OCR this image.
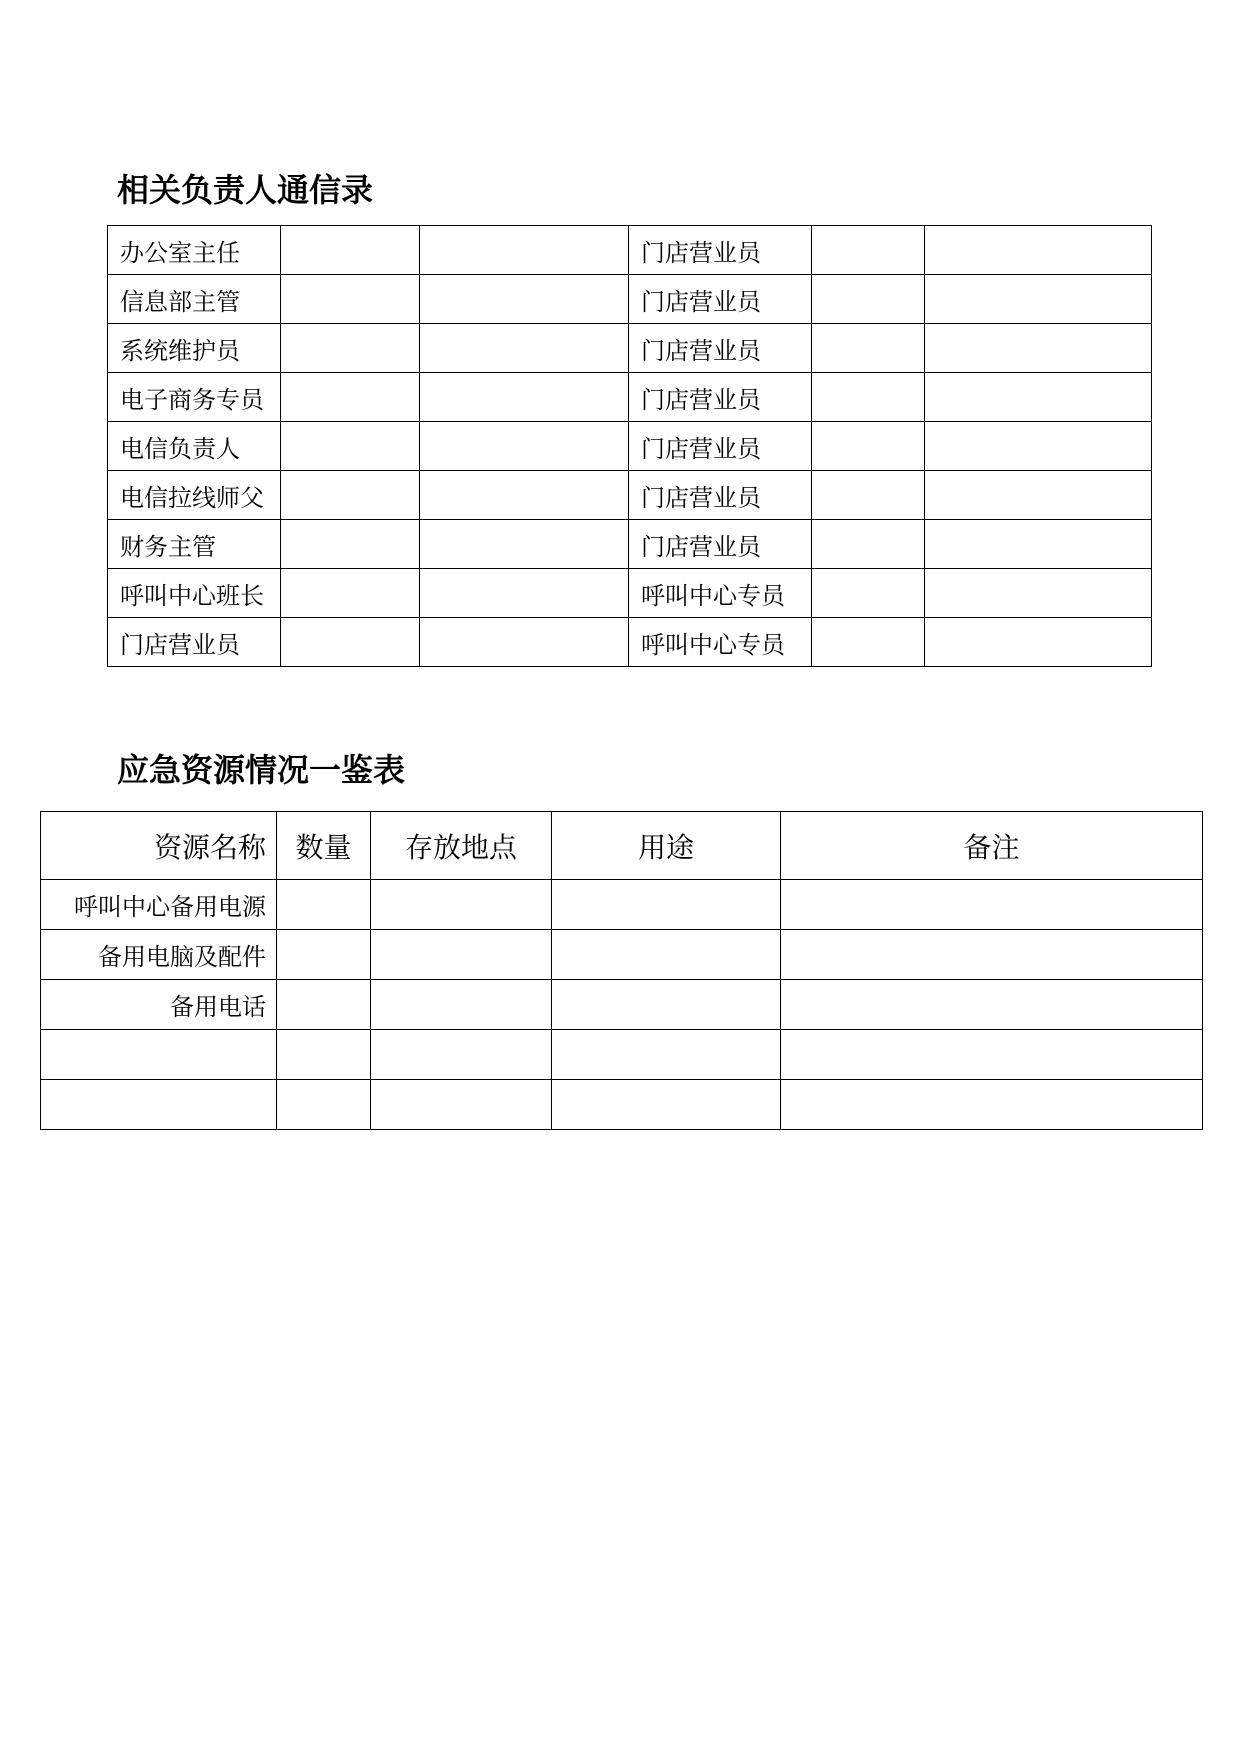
相关负责人通信录
办公室主任			门店营业员		
信息部主管			门店营业员		
系统维护员			门店营业员		
电子商务专员			门店营业员		
电信负责人			门店营业员		
电信拉线师父			门店营业员		
财务主管			门店营业员		
呼叫中心班长			呼叫中心专员		
门店营业员			呼叫中心专员		
应急资源情况一鉴表
资源名称	数量	存放地点	用途	备注
呼叫中心备用电源				
备用电脑及配件				
备用电话				
